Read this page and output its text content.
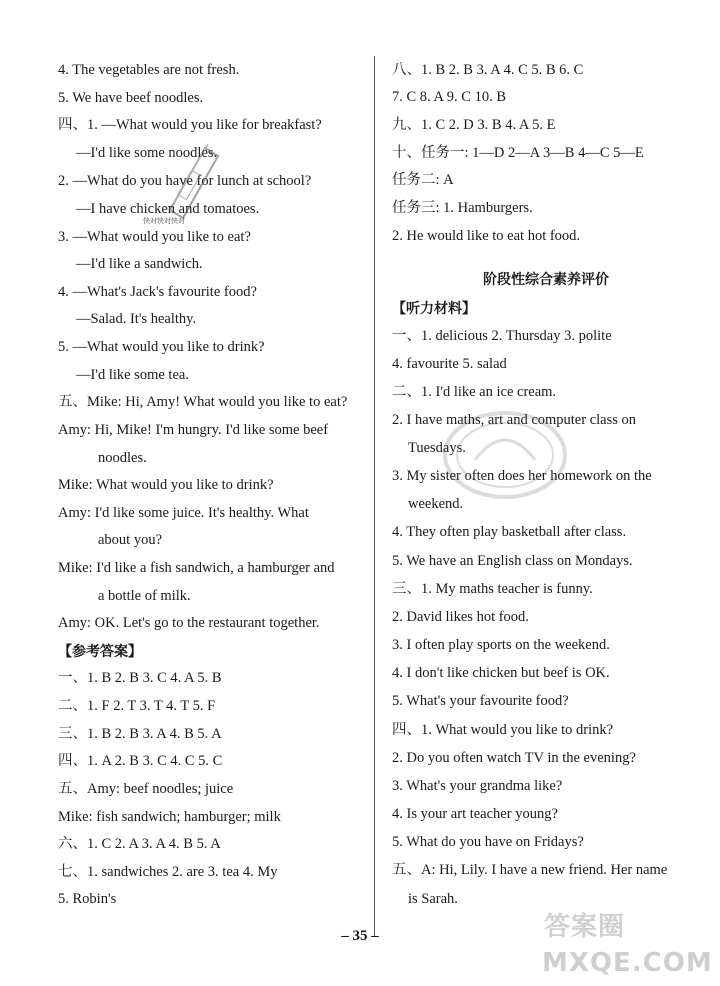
4. The vegetables are not fresh.
5. We have beef noodles.
四、1. —What would you like for breakfast?
—I'd like some noodles.
2. —What do you have for lunch at school?
—I have chicken and tomatoes.
3. —What would you like to eat?
—I'd like a sandwich.
4. —What's Jack's favourite food?
—Salad. It's healthy.
5. —What would you like to drink?
—I'd like some tea.
五、Mike: Hi, Amy! What would you like to eat?
Amy: Hi, Mike! I'm hungry. I'd like some beef
noodles.
Mike: What would you like to drink?
Amy: I'd like some juice. It's healthy. What
about you?
Mike: I'd like a fish sandwich, a hamburger and
a bottle of milk.
Amy: OK. Let's go to the restaurant together.
【参考答案】
一、1. B 2. B 3. C 4. A 5. B
二、1. F 2. T 3. T 4. T 5. F
三、1. B 2. B 3. A 4. B 5. A
四、1. A 2. B 3. C 4. C 5. C
五、Amy: beef noodles; juice
Mike: fish sandwich; hamburger; milk
六、1. C 2. A 3. A 4. B 5. A
七、1. sandwiches 2. are 3. tea 4. My
5. Robin's
八、1. B 2. B 3. A 4. C 5. B 6. C
7. C 8. A 9. C 10. B
九、1. C 2. D 3. B 4. A 5. E
十、任务一: 1—D 2—A 3—B 4—C 5—E
任务二: A
任务三: 1. Hamburgers.
2. He would like to eat hot food.
阶段性综合素养评价
【听力材料】
一、1. delicious 2. Thursday 3. polite
4. favourite 5. salad
二、1. I'd like an ice cream.
2. I have maths, art and computer class on
Tuesdays.
3. My sister often does her homework on the
weekend.
4. They often play basketball after class.
5. We have an English class on Mondays.
三、1. My maths teacher is funny.
2. David likes hot food.
3. I often play sports on the weekend.
4. I don't like chicken but beef is OK.
5. What's your favourite food?
四、1. What would you like to drink?
2. Do you often watch TV in the evening?
3. What's your grandma like?
4. Is your art teacher young?
5. What do you have on Fridays?
五、A: Hi, Lily. I have a new friend. Her name
is Sarah.
快对快对快对
– 35 –	答案圈
MXQE.COM
